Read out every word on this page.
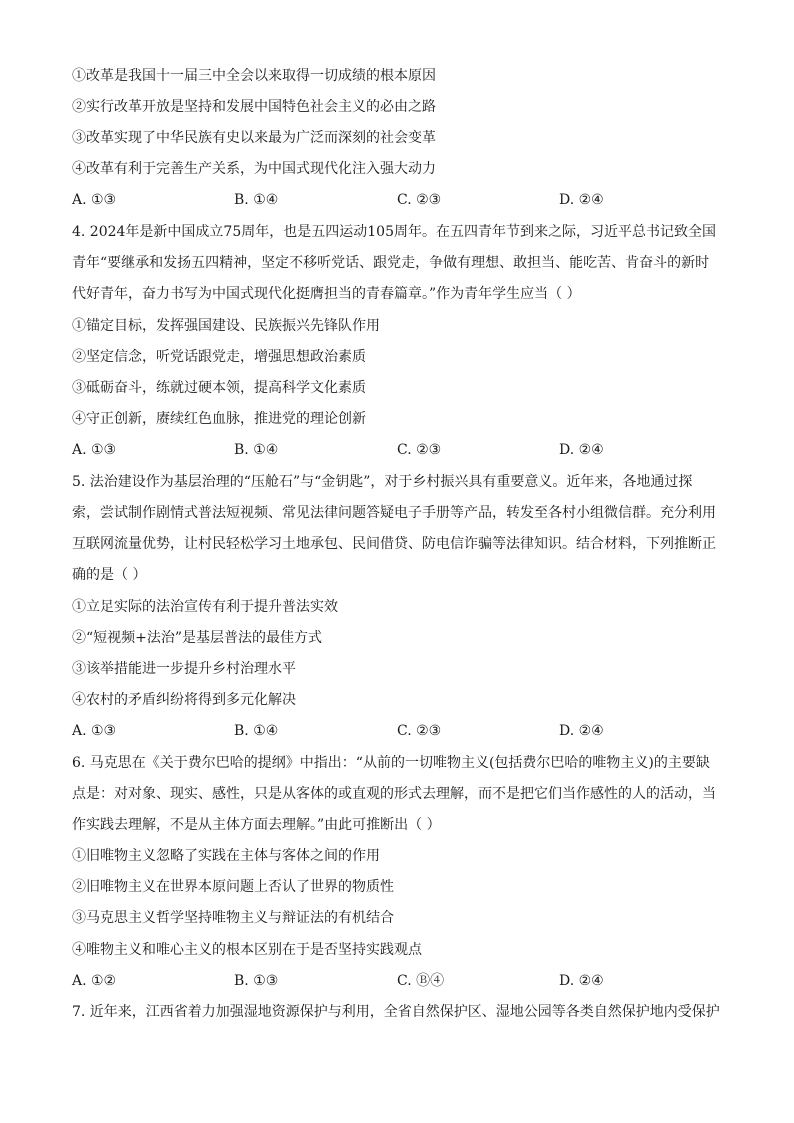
①改革是我国十一届三中全会以来取得一切成绩的根本原因
②实行改革开放是坚持和发展中国特色社会主义的必由之路
③改革实现了中华民族有史以来最为广泛而深刻的社会变革
④改革有利于完善生产关系，为中国式现代化注入强大动力
A. ①③	B. ①④	C. ②③	D. ②④
4. 2024年是新中国成立75周年，也是五四运动105周年。在五四青年节到来之际，习近平总书记致全国
青年“要继承和发扬五四精神，坚定不移听党话、跟党走，争做有理想、敢担当、能吃苦、肯奋斗的新时
代好青年，奋力书写为中国式现代化挺膺担当的青春篇章。”作为青年学生应当（ ）
①锚定目标，发挥强国建设、民族振兴先锋队作用
②坚定信念，听党话跟党走，增强思想政治素质
③砥砺奋斗，练就过硬本领，提高科学文化素质
④守正创新，赓续红色血脉，推进党的理论创新
A. ①③	B. ①④	C. ②③	D. ②④
5. 法治建设作为基层治理的“压舱石”与“金钥匙”，对于乡村振兴具有重要意义。近年来，各地通过探
索，尝试制作剧情式普法短视频、常见法律问题答疑电子手册等产品，转发至各村小组微信群。充分利用
互联网流量优势，让村民轻松学习土地承包、民间借贷、防电信诈骗等法律知识。结合材料，下列推断正
确的是（ ）
①立足实际的法治宣传有利于提升普法实效
②“短视频+法治”是基层普法的最佳方式
③该举措能进一步提升乡村治理水平
④农村的矛盾纠纷将得到多元化解决
A. ①③	B. ①④	C. ②③	D. ②④
6. 马克思在《关于费尔巴哈的提纲》中指出：“从前的一切唯物主义(包括费尔巴哈的唯物主义)的主要缺
点是：对对象、现实、感性，只是从客体的或直观的形式去理解，而不是把它们当作感性的人的活动，当
作实践去理解，不是从主体方面去理解。”由此可推断出（ ）
①旧唯物主义忽略了实践在主体与客体之间的作用
②旧唯物主义在世界本原问题上否认了世界的物质性
③马克思主义哲学坚持唯物主义与辩证法的有机结合
④唯物主义和唯心主义的根本区别在于是否坚持实践观点
A. ①②	B. ①③	C. Ⓑ④	D. ②④
7. 近年来，江西省着力加强湿地资源保护与利用，全省自然保护区、湿地公园等各类自然保护地内受保护
